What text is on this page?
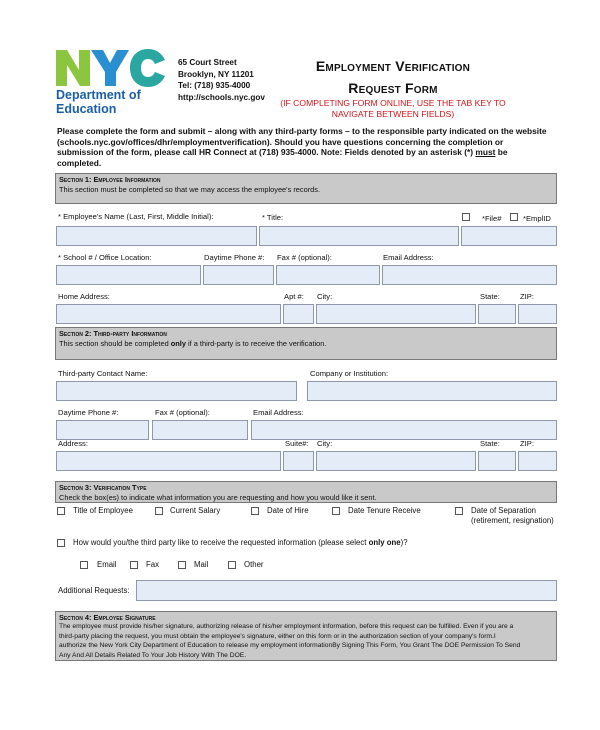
Department of
Education
65 Court Street
Brooklyn, NY 11201
Tel: (718) 935-4000
http://schools.nyc.gov
Employment Verification
Request Form
(IF COMPLETING FORM ONLINE, USE THE TAB KEY TO
NAVIGATE BETWEEN FIELDS)
Please complete the form and submit – along with any third-party forms – to the responsible party indicated on the website (schools.nyc.gov/offices/dhr/employmentverification). Should you have questions concerning the completion or submission of the form, please call HR Connect at (718) 935-4000. Note: Fields denoted by an asterisk (*) must be completed.
Section 1: Employee Information
This section must be completed so that we may access the employee's records.
* Employee's Name (Last, First, Middle Initial):	* Title:	*File#	*EmplID
* School # / Office Location:	Daytime Phone #: Fax # (optional):	Email Address:
Home Address:	Apt #: City:	State:	ZIP:
Section 2: Third-party Information
This section should be completed only if a third-party is to receive the verification.
Third-party Contact Name:	Company or Institution:
Daytime Phone #:	Fax # (optional):	Email Address:
Address:	Suite#: City:	State:	ZIP:
Section 3: Verification Type
Check the box(es) to indicate what information you are requesting and how you would like it sent.
Title of Employee	Current Salary	Date of Hire	Date Tenure Receive	Date of Separation
(retirement, resignation)
How would you/the third party like to receive the requested information (please select only one)?
Email	Fax	Mail	Other
Additional Requests:
Section 4: Employee Signature
The employee must provide his/her signature, authorizing release of his/her employment information, before this request can be fulfilled. Even if you are a
third-party placing the request, you must obtain the employee's signature, either on this form or in the authorization section of your company's form.I
authorize the New York City Department of Education to release my employment informationBy Signing This Form, You Grant The DOE Permission To Send
Any And All Details Related To Your Job History With The DOE.
